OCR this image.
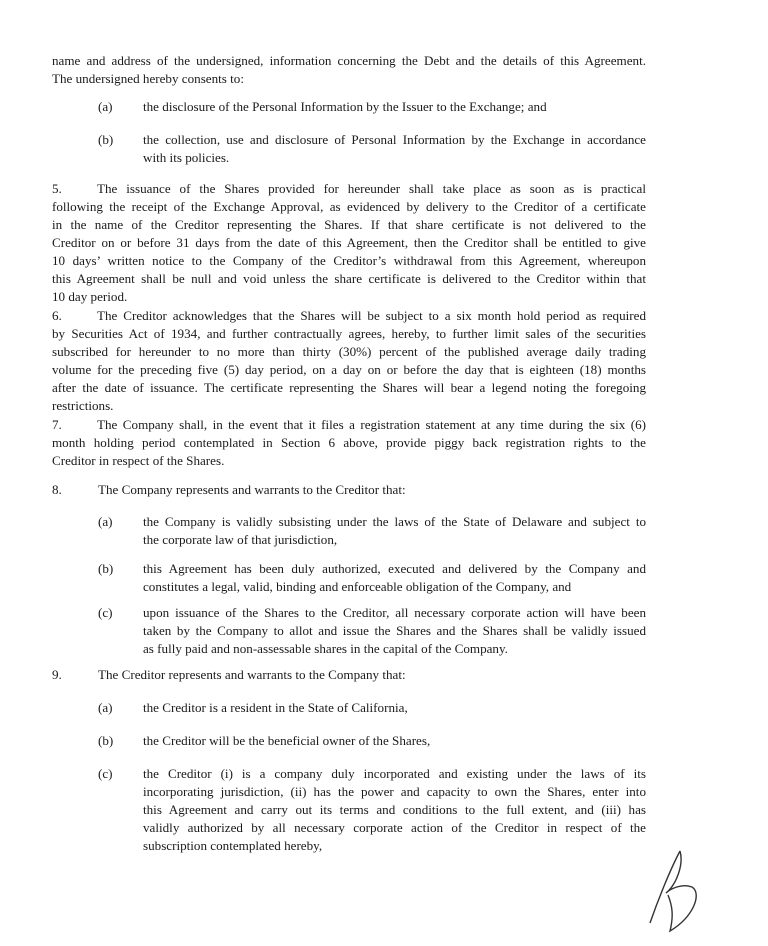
name and address of the undersigned, information concerning the Debt and the details of this Agreement.
The undersigned hereby consents to:
(a) the disclosure of the Personal Information by the Issuer to the Exchange; and
(b) the collection, use and disclosure of Personal Information by the Exchange in accordance
with its policies.
5.	The issuance of the Shares provided for hereunder shall take place as soon as is practical
following the receipt of the Exchange Approval, as evidenced by delivery to the Creditor of a certificate
in the name of the Creditor representing the Shares. If that share certificate is not delivered to the
Creditor on or before 31 days from the date of this Agreement, then the Creditor shall be entitled to give
10 days’ written notice to the Company of the Creditor’s withdrawal from this Agreement, whereupon
this Agreement shall be null and void unless the share certificate is delivered to the Creditor within that
10 day period.
6.	The Creditor acknowledges that the Shares will be subject to a six month hold period as required
by Securities Act of 1934, and further contractually agrees, hereby, to further limit sales of the securities
subscribed for hereunder to no more than thirty (30%) percent of the published average daily trading
volume for the preceding five (5) day period, on a day on or before the day that is eighteen (18) months
after the date of issuance. The certificate representing the Shares will bear a legend noting the foregoing
restrictions.
7.	The Company shall, in the event that it files a registration statement at any time during the six (6)
month holding period contemplated in Section 6 above, provide piggy back registration rights to the
Creditor in respect of the Shares.
8.	The Company represents and warrants to the Creditor that:
(a) the Company is validly subsisting under the laws of the State of Delaware and subject to
the corporate law of that jurisdiction,
(b) this Agreement has been duly authorized, executed and delivered by the Company and
constitutes a legal, valid, binding and enforceable obligation of the Company, and
(c) upon issuance of the Shares to the Creditor, all necessary corporate action will have been
taken by the Company to allot and issue the Shares and the Shares shall be validly issued
as fully paid and non-assessable shares in the capital of the Company.
9.	The Creditor represents and warrants to the Company that:
(a) the Creditor is a resident in the State of California,
(b) the Creditor will be the beneficial owner of the Shares,
(c) the Creditor (i) is a company duly incorporated and existing under the laws of its
incorporating jurisdiction, (ii) has the power and capacity to own the Shares, enter into
this Agreement and carry out its terms and conditions to the full extent, and (iii) has
validly authorized by all necessary corporate action of the Creditor in respect of the
subscription contemplated hereby,
